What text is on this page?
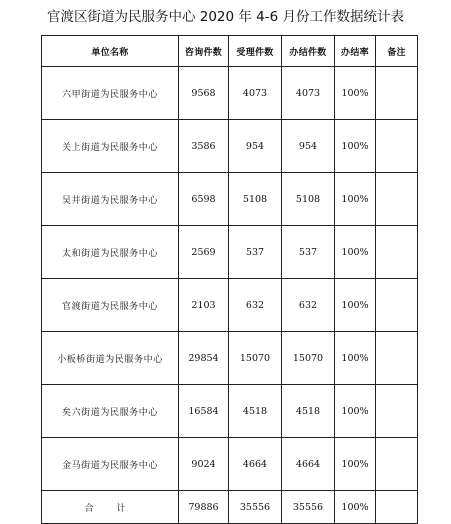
官渡区街道为民服务中心 2020 年 4-6 月份工作数据统计表
单位名称	咨询件数	受理件数	办结件数	办结率	备注
六甲街道为民服务中心	9568	4073	4073	100%	
关上街道为民服务中心	3586	954	954	100%	
吴井街道为民服务中心	6598	5108	5108	100%	
太和街道为民服务中心	2569	537	537	100%	
官渡街道为民服务中心	2103	632	632	100%	
小板桥街道为民服务中心	29854	15070	15070	100%	
矣六街道为民服务中心	16584	4518	4518	100%	
金马街道为民服务中心	9024	4664	4664	100%	
合 计	79886	35556	35556	100%	
